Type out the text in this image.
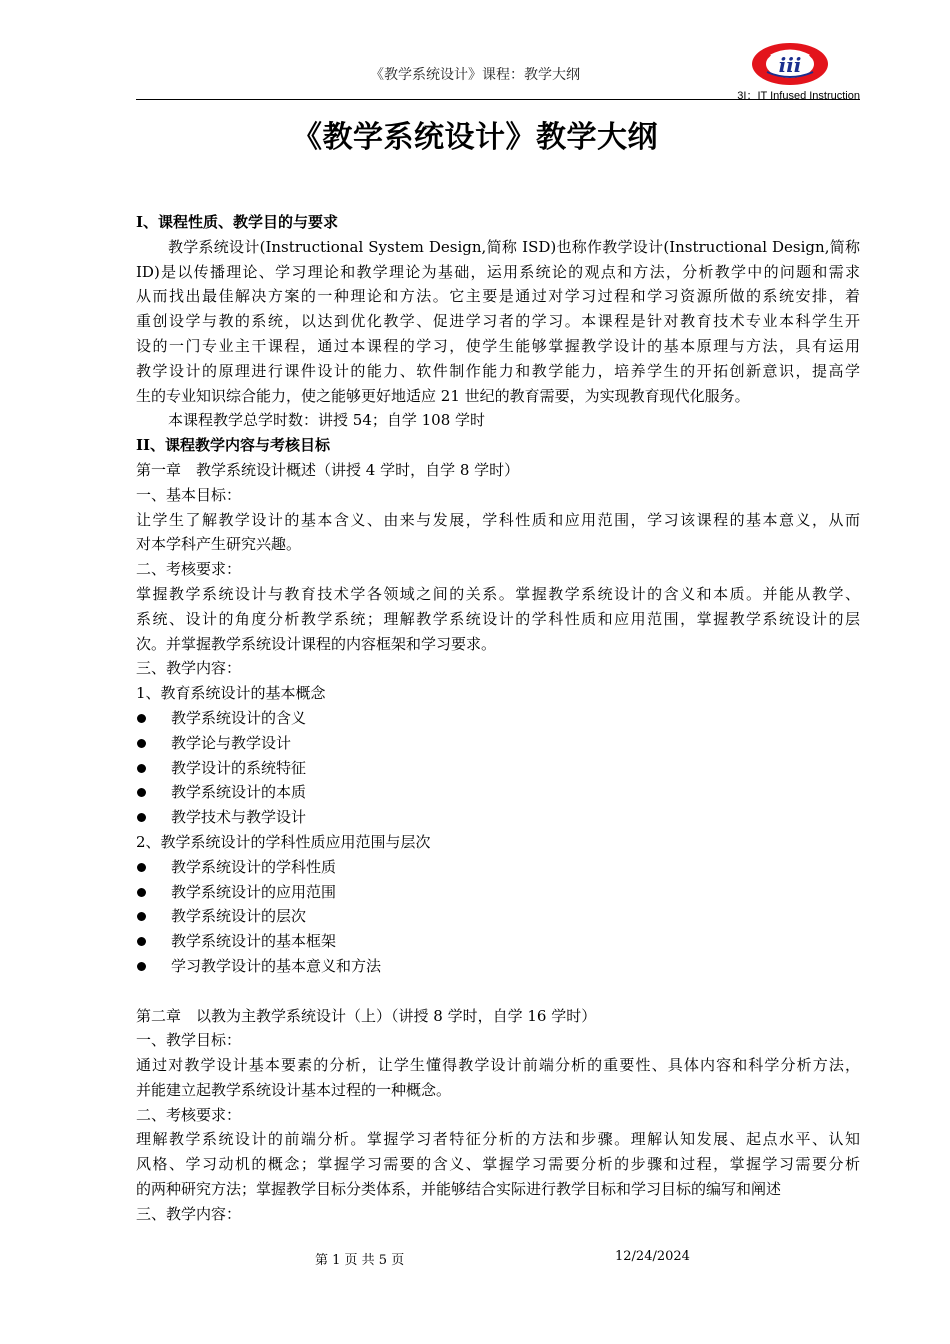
《教学系统设计》课程：教学大纲	iii
3I：IT Infused Instruction
《教学系统设计》教学大纲
I、课程性质、教学目的与要求
教学系统设计(Instructional System Design,简称 ISD)也称作教学设计(Instructional Design,简称
ID)是以传播理论、学习理论和教学理论为基础，运用系统论的观点和方法，分析教学中的问题和需求
从而找出最佳解决方案的一种理论和方法。它主要是通过对学习过程和学习资源所做的系统安排，着
重创设学与教的系统，以达到优化教学、促进学习者的学习。本课程是针对教育技术专业本科学生开
设的一门专业主干课程，通过本课程的学习，使学生能够掌握教学设计的基本原理与方法，具有运用
教学设计的原理进行课件设计的能力、软件制作能力和教学能力，培养学生的开拓创新意识，提高学
生的专业知识综合能力，使之能够更好地适应 21 世纪的教育需要，为实现教育现代化服务。
本课程教学总学时数：讲授 54；自学 108 学时
II、课程教学内容与考核目标
第一章　教学系统设计概述（讲授 4 学时，自学 8 学时）
一、基本目标：
让学生了解教学设计的基本含义、由来与发展，学科性质和应用范围，学习该课程的基本意义，从而
对本学科产生研究兴趣。
二、考核要求：
掌握教学系统设计与教育技术学各领域之间的关系。掌握教学系统设计的含义和本质。并能从教学、
系统、设计的角度分析教学系统；理解教学系统设计的学科性质和应用范围，掌握教学系统设计的层
次。并掌握教学系统设计课程的内容框架和学习要求。
三、教学内容：
1、教育系统设计的基本概念
教学系统设计的含义
教学论与教学设计
教学设计的系统特征
教学系统设计的本质
教学技术与教学设计
2、教学系统设计的学科性质应用范围与层次
教学系统设计的学科性质
教学系统设计的应用范围
教学系统设计的层次
教学系统设计的基本框架
学习教学设计的基本意义和方法
第二章　以教为主教学系统设计（上）（讲授 8 学时，自学 16 学时）
一、教学目标：
通过对教学设计基本要素的分析，让学生懂得教学设计前端分析的重要性、具体内容和科学分析方法，
并能建立起教学系统设计基本过程的一种概念。
二、考核要求：
理解教学系统设计的前端分析。掌握学习者特征分析的方法和步骤。理解认知发展、起点水平、认知
风格、学习动机的概念；掌握学习需要的含义、掌握学习需要分析的步骤和过程，掌握学习需要分析
的两种研究方法；掌握教学目标分类体系，并能够结合实际进行教学目标和学习目标的编写和阐述
三、教学内容：
第 1 页 共 5 页	12/24/2024
